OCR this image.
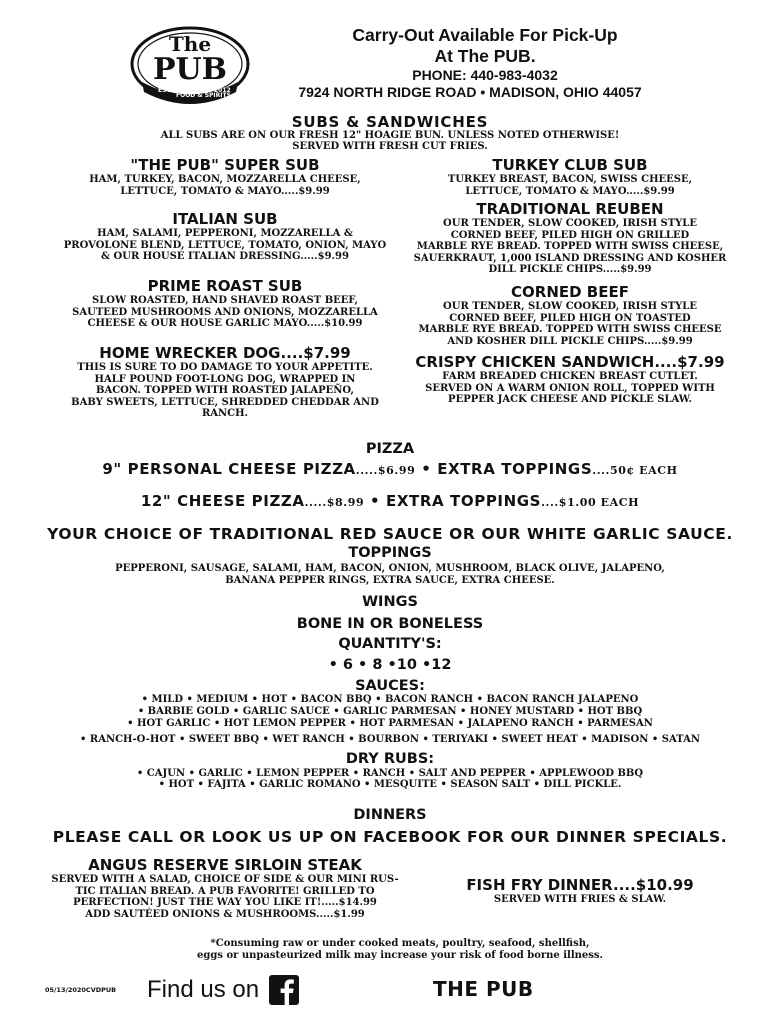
The
PUB
EST.
FOOD & SPIRITS
2012
Carry-Out Available For Pick-Up
At The PUB.
PHONE: 440-983-4032
7924 NORTH RIDGE ROAD • MADISON, OHIO 44057
SUBS & SANDWICHES
ALL SUBS ARE ON OUR FRESH 12" HOAGIE BUN. UNLESS NOTED OTHERWISE!
SERVED WITH FRESH CUT FRIES.
"THE PUB" SUPER SUB
HAM, TURKEY, BACON, MOZZARELLA CHEESE,
LETTUCE, TOMATO & MAYO.....$9.99
ITALIAN SUB
HAM, SALAMI, PEPPERONI, MOZZARELLA &
PROVOLONE BLEND, LETTUCE, TOMATO, ONION, MAYO
& OUR HOUSE ITALIAN DRESSING.....$9.99
PRIME ROAST SUB
SLOW ROASTED, HAND SHAVED ROAST BEEF,
SAUTEED MUSHROOMS AND ONIONS, MOZZARELLA
CHEESE & OUR HOUSE GARLIC MAYO.....$10.99
HOME WRECKER DOG....$7.99
THIS IS SURE TO DO DAMAGE TO YOUR APPETITE.
HALF POUND FOOT-LONG DOG, WRAPPED IN
BACON. TOPPED WITH ROASTED JALAPEÑO,
BABY SWEETS, LETTUCE, SHREDDED CHEDDAR AND
RANCH.
TURKEY CLUB SUB
TURKEY BREAST, BACON, SWISS CHEESE,
LETTUCE, TOMATO & MAYO.....$9.99
TRADITIONAL REUBEN
OUR TENDER, SLOW COOKED, IRISH STYLE
CORNED BEEF, PILED HIGH ON GRILLED
MARBLE RYE BREAD. TOPPED WITH SWISS CHEESE,
SAUERKRAUT, 1,000 ISLAND DRESSING AND KOSHER
DILL PICKLE CHIPS.....$9.99
CORNED BEEF
OUR TENDER, SLOW COOKED, IRISH STYLE
CORNED BEEF, PILED HIGH ON TOASTED
MARBLE RYE BREAD. TOPPED WITH SWISS CHEESE
AND KOSHER DILL PICKLE CHIPS.....$9.99
CRISPY CHICKEN SANDWICH....$7.99
FARM BREADED CHICKEN BREAST CUTLET.
SERVED ON A WARM ONION ROLL, TOPPED WITH
PEPPER JACK CHEESE AND PICKLE SLAW.
PIZZA
9" PERSONAL CHEESE PIZZA.....$6.99 • EXTRA TOPPINGS....50¢ EACH
12" CHEESE PIZZA.....$8.99 • EXTRA TOPPINGS....$1.00 EACH
YOUR CHOICE OF TRADITIONAL RED SAUCE OR OUR WHITE GARLIC SAUCE.
TOPPINGS
PEPPERONI, SAUSAGE, SALAMI, HAM, BACON, ONION, MUSHROOM, BLACK OLIVE, JALAPENO,
BANANA PEPPER RINGS, EXTRA SAUCE, EXTRA CHEESE.
WINGS
BONE IN OR BONELESS
QUANTITY'S:
• 6 • 8 •10 •12
SAUCES:
• MILD • MEDIUM • HOT • BACON BBQ • BACON RANCH • BACON RANCH JALAPENO
• BARBIE GOLD • GARLIC SAUCE • GARLIC PARMESAN • HONEY MUSTARD • HOT BBQ
• HOT GARLIC • HOT LEMON PEPPER • HOT PARMESAN • JALAPENO RANCH • PARMESAN
• RANCH-O-HOT • SWEET BBQ • WET RANCH • BOURBON • TERIYAKI • SWEET HEAT • MADISON • SATAN
DRY RUBS:
• CAJUN • GARLIC • LEMON PEPPER • RANCH • SALT AND PEPPER • APPLEWOOD BBQ
• HOT • FAJITA • GARLIC ROMANO • MESQUITE • SEASON SALT • DILL PICKLE.
DINNERS
PLEASE CALL OR LOOK US UP ON FACEBOOK FOR OUR DINNER SPECIALS.
ANGUS RESERVE SIRLOIN STEAK
SERVED WITH A SALAD, CHOICE OF SIDE & OUR MINI RUS-
TIC ITALIAN BREAD. A PUB FAVORITE! GRILLED TO
PERFECTION! JUST THE WAY YOU LIKE IT!.....$14.99
ADD SAUTÉED ONIONS & MUSHROOMS.....$1.99
FISH FRY DINNER....$10.99
SERVED WITH FRIES & SLAW.
*Consuming raw or under cooked meats, poultry, seafood, shellfish,
eggs or unpasteurized milk may increase your risk of food borne illness.
05/13/2020CVDPUB Find us on	THE PUB
